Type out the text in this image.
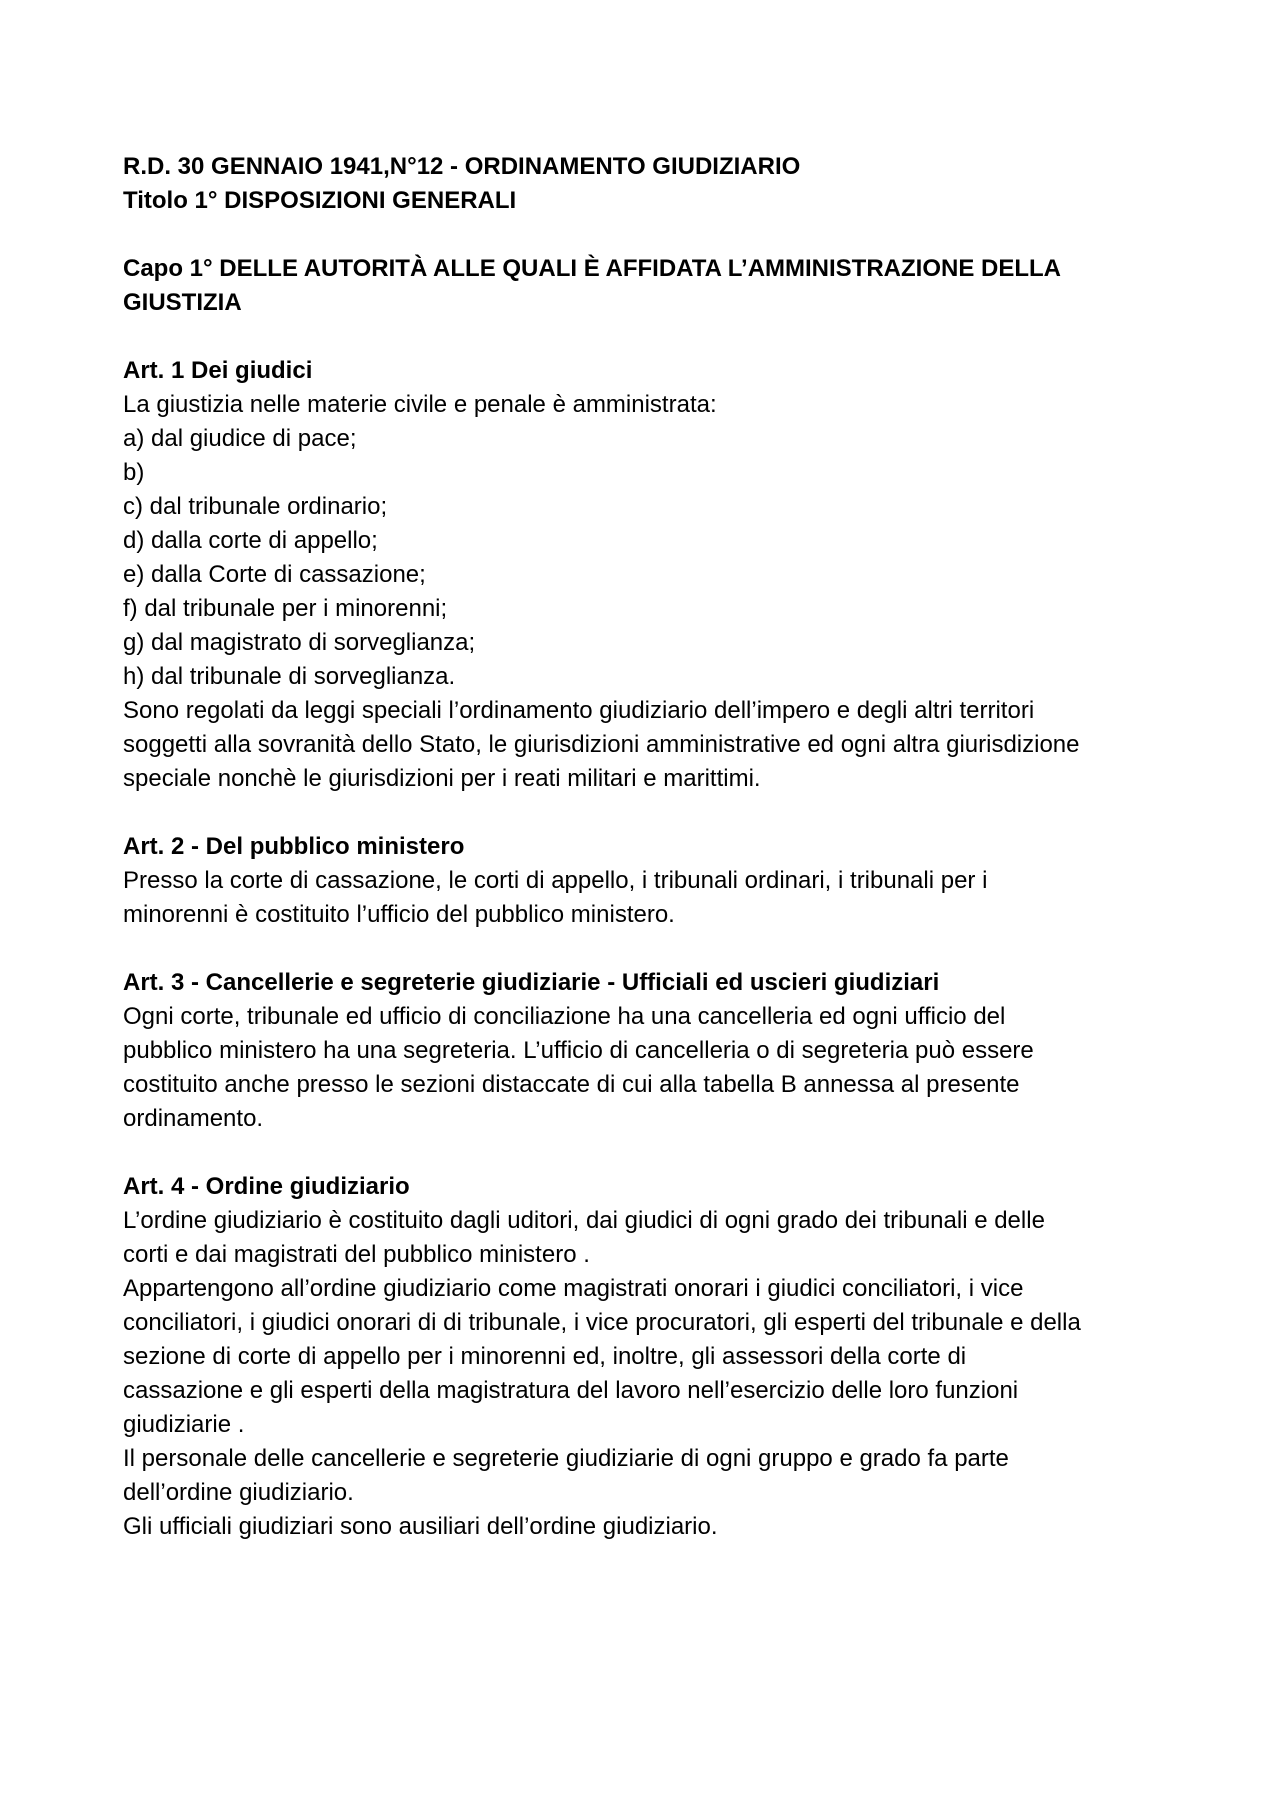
R.D. 30 GENNAIO 1941,N°12 - ORDINAMENTO GIUDIZIARIO
Titolo 1° DISPOSIZIONI GENERALI
Capo 1° DELLE AUTORITÀ ALLE QUALI È AFFIDATA L’AMMINISTRAZIONE DELLA
GIUSTIZIA
Art. 1 Dei giudici
La giustizia nelle materie civile e penale è amministrata:
a) dal giudice di pace;
b)
c) dal tribunale ordinario;
d) dalla corte di appello;
e) dalla Corte di cassazione;
f) dal tribunale per i minorenni;
g) dal magistrato di sorveglianza;
h) dal tribunale di sorveglianza.
Sono regolati da leggi speciali l’ordinamento giudiziario dell’impero e degli altri territori
soggetti alla sovranità dello Stato, le giurisdizioni amministrative ed ogni altra giurisdizione
speciale nonchè le giurisdizioni per i reati militari e marittimi.
Art. 2 - Del pubblico ministero
Presso la corte di cassazione, le corti di appello, i tribunali ordinari, i tribunali per i
minorenni è costituito l’ufficio del pubblico ministero.
Art. 3 - Cancellerie e segreterie giudiziarie - Ufficiali ed uscieri giudiziari
Ogni corte, tribunale ed ufficio di conciliazione ha una cancelleria ed ogni ufficio del
pubblico ministero ha una segreteria. L’ufficio di cancelleria o di segreteria può essere
costituito anche presso le sezioni distaccate di cui alla tabella B annessa al presente
ordinamento.
Art. 4 - Ordine giudiziario
L’ordine giudiziario è costituito dagli uditori, dai giudici di ogni grado dei tribunali e delle
corti e dai magistrati del pubblico ministero .
Appartengono all’ordine giudiziario come magistrati onorari i giudici conciliatori, i vice
conciliatori, i giudici onorari di di tribunale, i vice procuratori, gli esperti del tribunale e della
sezione di corte di appello per i minorenni ed, inoltre, gli assessori della corte di
cassazione e gli esperti della magistratura del lavoro nell’esercizio delle loro funzioni
giudiziarie .
Il personale delle cancellerie e segreterie giudiziarie di ogni gruppo e grado fa parte
dell’ordine giudiziario.
Gli ufficiali giudiziari sono ausiliari dell’ordine giudiziario.
